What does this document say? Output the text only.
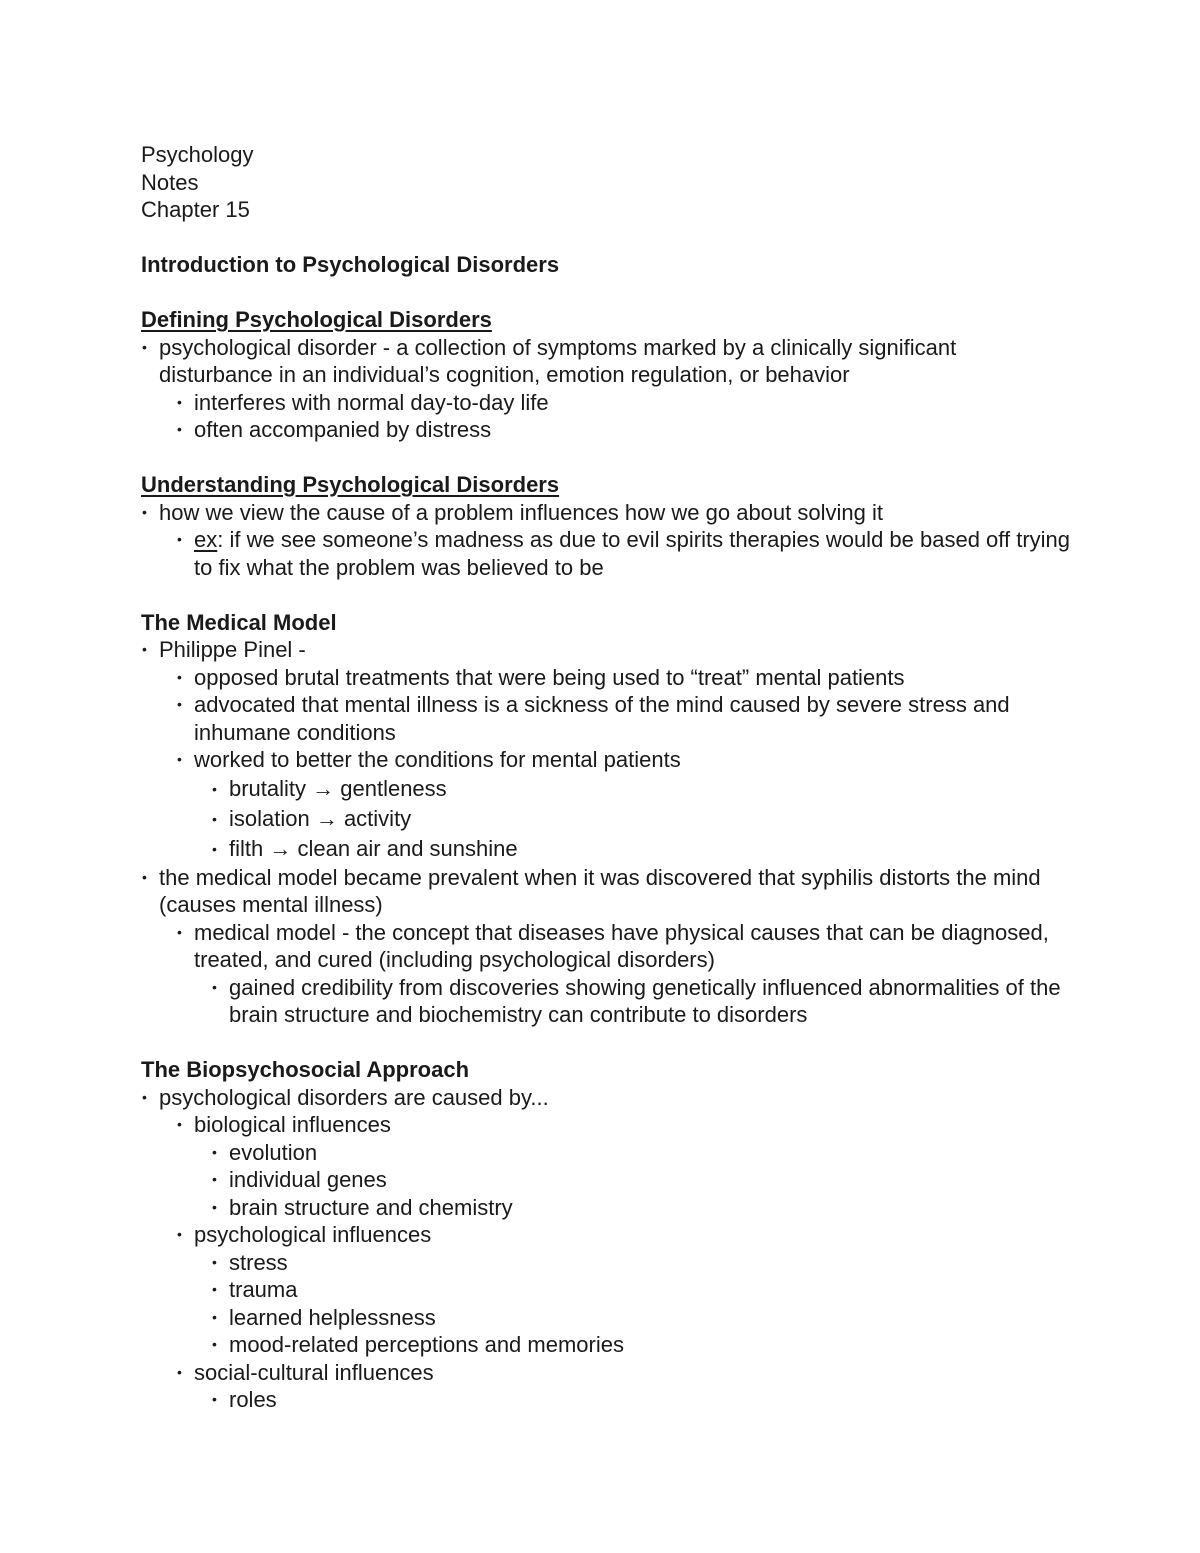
Psychology
Notes
Chapter 15
Introduction to Psychological Disorders
Defining Psychological Disorders
• psychological disorder - a collection of symptoms marked by a clinically significant disturbance in an individual’s cognition, emotion regulation, or behavior
• interferes with normal day-to-day life
• often accompanied by distress
Understanding Psychological Disorders
• how we view the cause of a problem influences how we go about solving it
• ex: if we see someone’s madness as due to evil spirits therapies would be based off trying to fix what the problem was believed to be
The Medical Model
• Philippe Pinel -
• opposed brutal treatments that were being used to “treat” mental patients
• advocated that mental illness is a sickness of the mind caused by severe stress and inhumane conditions
• worked to better the conditions for mental patients
• brutality → gentleness
• isolation → activity
• filth → clean air and sunshine
• the medical model became prevalent when it was discovered that syphilis distorts the mind (causes mental illness)
• medical model - the concept that diseases have physical causes that can be diagnosed, treated, and cured (including psychological disorders)
• gained credibility from discoveries showing genetically influenced abnormalities of the brain structure and biochemistry can contribute to disorders
The Biopsychosocial Approach
• psychological disorders are caused by...
• biological influences
• evolution
• individual genes
• brain structure and chemistry
• psychological influences
• stress
• trauma
• learned helplessness
• mood-related perceptions and memories
• social-cultural influences
• roles
